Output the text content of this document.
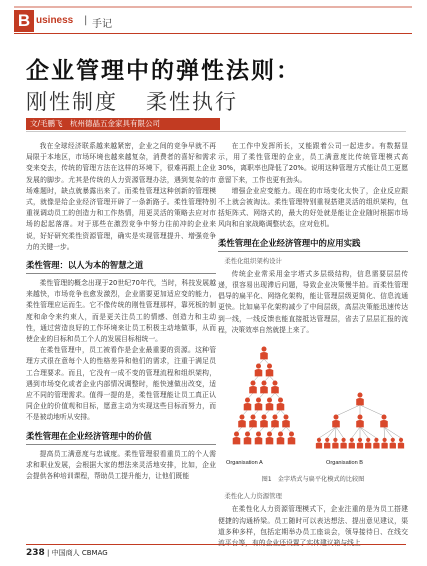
B usiness | 手记
企业管理中的弹性法则：
刚性制度 柔性执行
文/毛鹏飞　杭州德晶五金家具有限公司

我在全球经济联系越来越紧密，企业之间的竞争早就不再局限于本地区，市场环境也越来越复杂，消费者的喜好和需求变来变去，传统的管理方法在这样的环境下，很难再跟上企业发展的脚步。尤其是传统的人力资源管理办法，遇到复杂的市场难题时，缺点就暴露出来了。而柔性管理这种创新的管理模式，就像是给企业经济管理开辟了一条新路子。柔性管理特别重视调动员工的创造力和工作热情，用更灵活的策略去应对市场的起起落落。对于那些在激烈竞争中努力往前冲的企业来说，好好研究柔性资源管理，确实是实现管理提升、增强竞争力的关键一步。

柔性管理：以人为本的智慧之道

柔性管理的概念出现于20世纪70年代，当时，科技发展越来越快，市场竞争也愈发激烈，企业需要更加适应变的能力，柔性管理应运而生。它不像传统的刚性管理那样，靠死板的制度和命令来约束人，而是更关注员工的情感、创造力和主动性，通过营造良好的工作环境来让员工积极主动地做事，从而使企业的目标和员工个人的发展目标相统一。

在柔性管理中，员工被看作是企业最重要的资源。这种管理方式很在意每个人的性格差异和他们的需求，注重于满足员工合理要求。而且，它没有一成不变的管理流程和组织架构，遇到市场变化或者企业内部情况调整时，能快速做出改变，适应不同的管理需求。值得一提的是，柔性管理能让员工真正认同企业的价值观和目标，愿意主动为实现这些目标而努力，而不是被动地听从安排。

柔性管理在企业经济管理中的价值

提高员工满意度与忠诚度。柔性管理很看重员工的个人需求和职业发展，会根据大家的想法来灵活地安排，比如，企业会提供各种培训课程，帮助员工提升能力，让他们既能

在工作中发挥所长，又能跟着公司一起进步。有数据显示，用了柔性管理的企业，员工满意度比传统管理模式高30%，离职率也降低了20%。说明这种管理方式能让员工更愿意留下来，工作也更有劲头。

增强企业应变能力。现在的市场变化太快了，企业反应跟不上就会被淘汰。柔性管理特别重视搭建灵活的组织架构，包括矩阵式、网络式的，最大的好处就是能让企业随时根据市场风向和自家战略调整状态，应对危机。

柔性管理在企业经济管理中的应用实践
柔性化组织架构设计

传统企业常采用金字塔式多层级结构，信息需要层层传递，很容易出现滞后问题，导致企业决策慢半拍。而柔性管理倡导的扁平化、网络化架构，能让管理层级更简化、信息流通更快。比如扁平化架构减少了中间层级，高层决策能迅速传达到一线，一线反馈也能直接抵达管理层，省去了层层汇报的流程，决策效率自然就提上来了。

Organisation A	Organisation B
图1　金字塔式与扁平化模式的比较图
柔性化人力资源管理

在柔性化人力资源管理模式下，企业注重的是为员工搭建便捷的沟通桥梁。员工随时可以表达想法、提出意见建议，渠道多种多样，包括定期举办员工座谈会，领导接待日、在线交

238 | 中国商人 CBMAG
